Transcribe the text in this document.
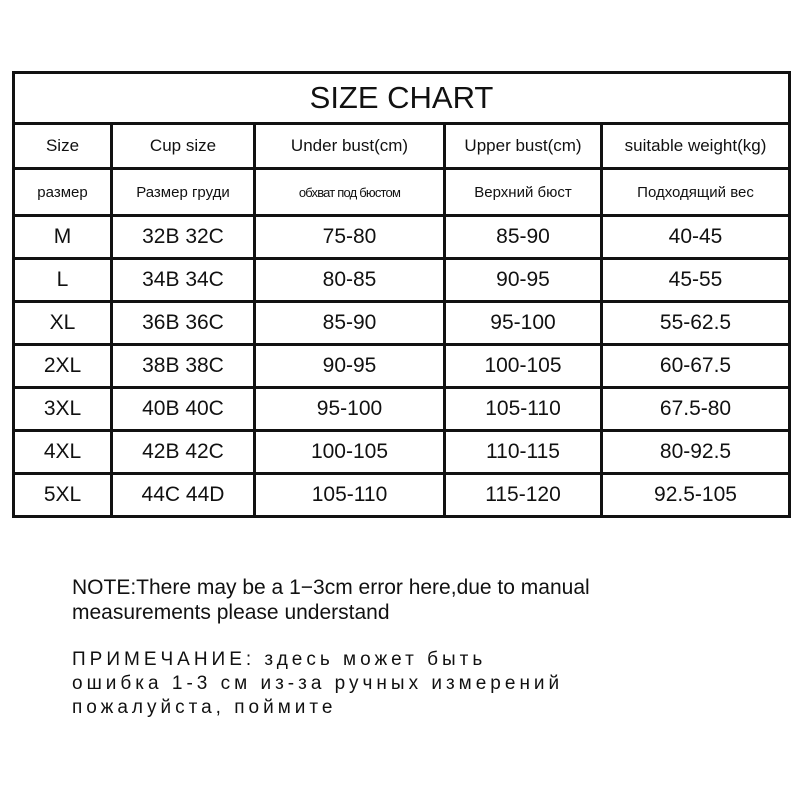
SIZE CHART				
Size	Cup size	Under bust(cm)	Upper bust(cm)	suitable weight(kg)
размер	Размер груди	обхват под бюстом	Верхний бюст	Подходящий вес
M	32B 32C	75-80	85-90	40-45
L	34B 34C	80-85	90-95	45-55
XL	36B 36C	85-90	95-100	55-62.5
2XL	38B 38C	90-95	100-105	60-67.5
3XL	40B 40C	95-100	105-110	67.5-80
4XL	42B 42C	100-105	110-115	80-92.5
5XL	44C 44D	105-110	115-120	92.5-105
NOTE:There may be a 1−3cm error here,due to manual
measurements please understand
ПРИМЕЧАНИЕ: здесь может быть
ошибка 1-3 см из-за ручных измерений
пожалуйста, поймите
